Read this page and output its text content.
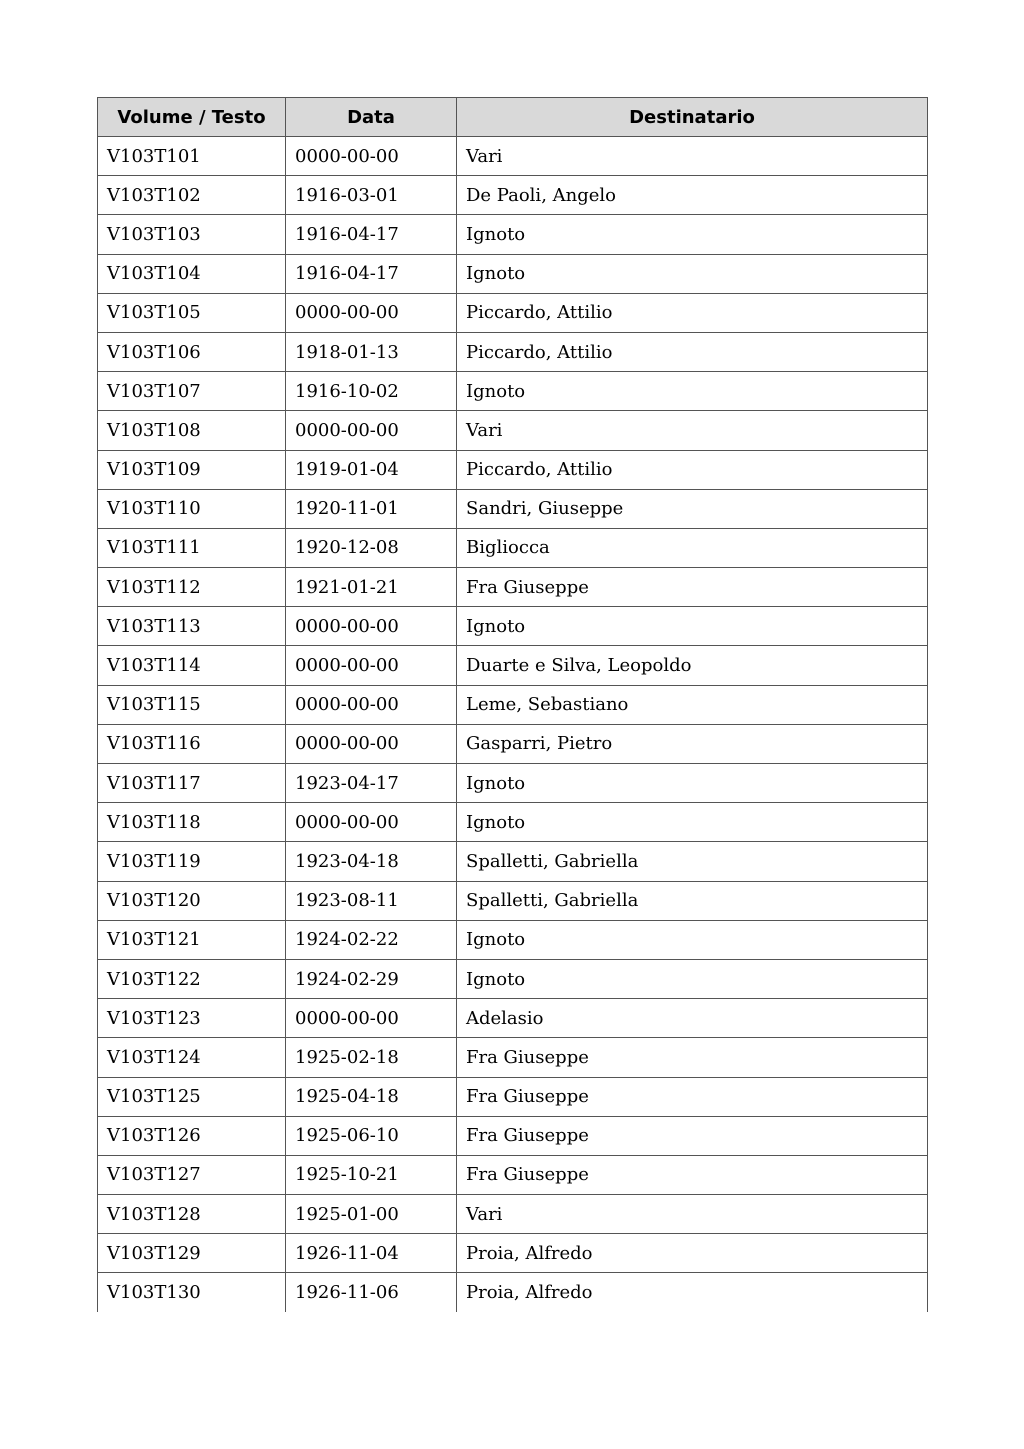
Volume / Testo	Data	Destinatario
V103T101	0000-00-00	Vari
V103T102	1916-03-01	De Paoli, Angelo
V103T103	1916-04-17	Ignoto
V103T104	1916-04-17	Ignoto
V103T105	0000-00-00	Piccardo, Attilio
V103T106	1918-01-13	Piccardo, Attilio
V103T107	1916-10-02	Ignoto
V103T108	0000-00-00	Vari
V103T109	1919-01-04	Piccardo, Attilio
V103T110	1920-11-01	Sandri, Giuseppe
V103T111	1920-12-08	Bigliocca
V103T112	1921-01-21	Fra Giuseppe
V103T113	0000-00-00	Ignoto
V103T114	0000-00-00	Duarte e Silva, Leopoldo
V103T115	0000-00-00	Leme, Sebastiano
V103T116	0000-00-00	Gasparri, Pietro
V103T117	1923-04-17	Ignoto
V103T118	0000-00-00	Ignoto
V103T119	1923-04-18	Spalletti, Gabriella
V103T120	1923-08-11	Spalletti, Gabriella
V103T121	1924-02-22	Ignoto
V103T122	1924-02-29	Ignoto
V103T123	0000-00-00	Adelasio
V103T124	1925-02-18	Fra Giuseppe
V103T125	1925-04-18	Fra Giuseppe
V103T126	1925-06-10	Fra Giuseppe
V103T127	1925-10-21	Fra Giuseppe
V103T128	1925-01-00	Vari
V103T129	1926-11-04	Proia, Alfredo
V103T130	1926-11-06	Proia, Alfredo
